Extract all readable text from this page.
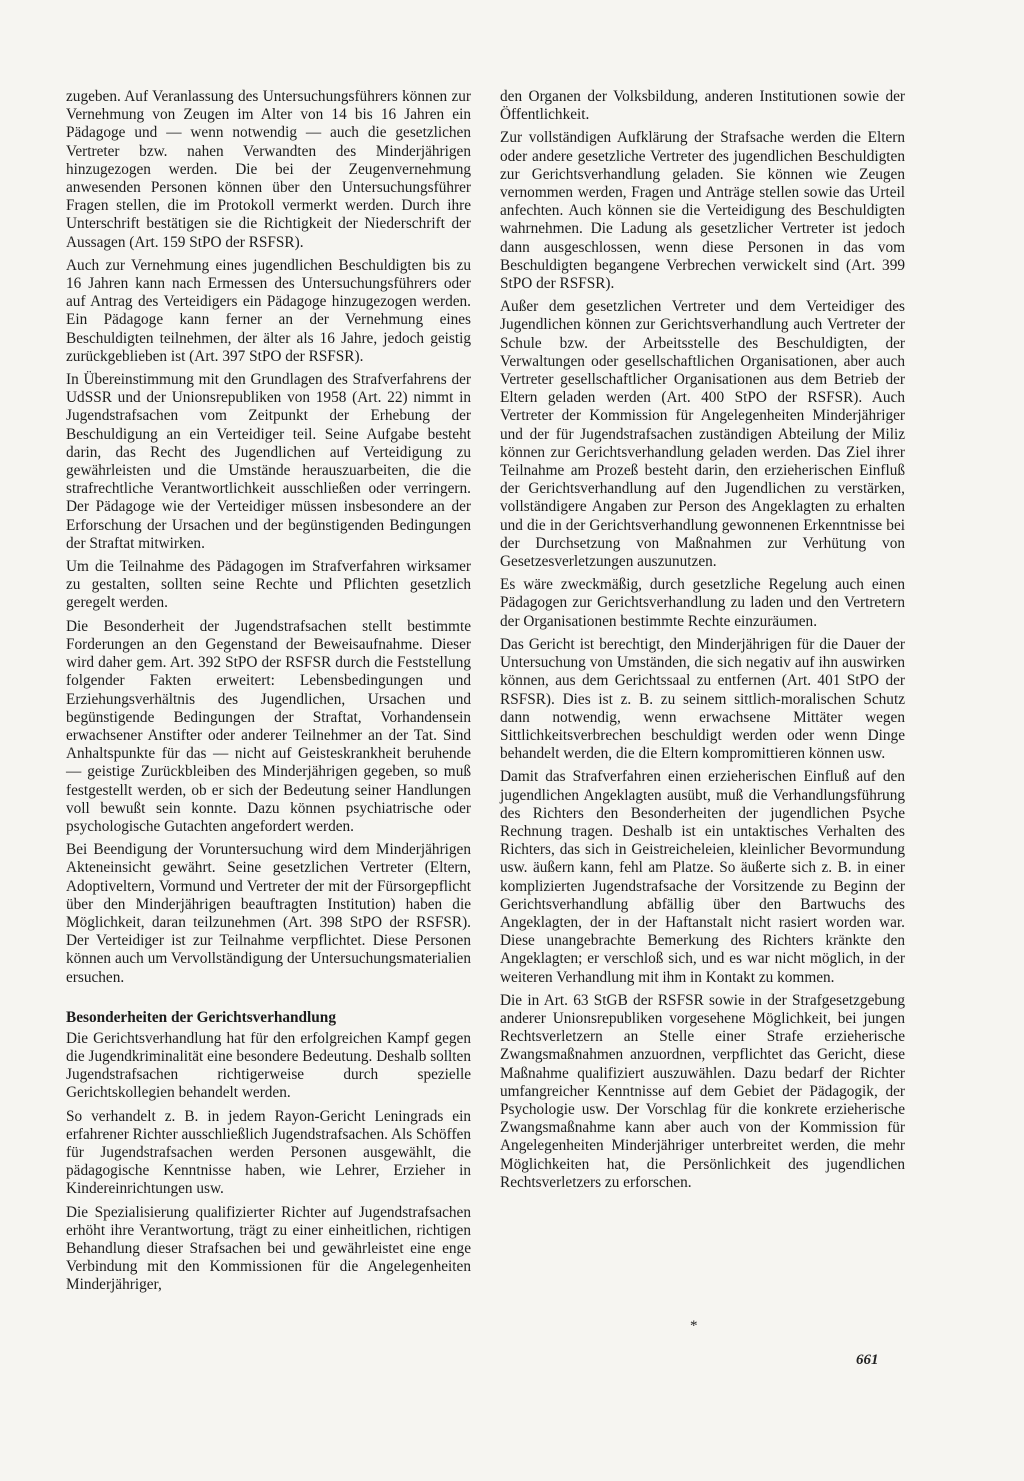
zugeben. Auf Veranlassung des Untersuchungsführers können zur Vernehmung von Zeugen im Alter von 14 bis 16 Jahren ein Pädagoge und — wenn notwendig — auch die gesetzlichen Vertreter bzw. nahen Verwandten des Minderjährigen hinzugezogen werden. Die bei der Zeugenvernehmung anwesenden Personen können über den Untersuchungsführer Fragen stellen, die im Protokoll vermerkt werden. Durch ihre Unterschrift bestätigen sie die Richtigkeit der Niederschrift der Aussagen (Art. 159 StPO der RSFSR).

Auch zur Vernehmung eines jugendlichen Beschuldigten bis zu 16 Jahren kann nach Ermessen des Untersuchungsführers oder auf Antrag des Verteidigers ein Pädagoge hinzugezogen werden. Ein Pädagoge kann ferner an der Vernehmung eines Beschuldigten teilnehmen, der älter als 16 Jahre, jedoch geistig zurückgeblieben ist (Art. 397 StPO der RSFSR).

In Übereinstimmung mit den Grundlagen des Strafverfahrens der UdSSR und der Unionsrepubliken von 1958 (Art. 22) nimmt in Jugendstrafsachen vom Zeitpunkt der Erhebung der Beschuldigung an ein Verteidiger teil. Seine Aufgabe besteht darin, das Recht des Jugendlichen auf Verteidigung zu gewährleisten und die Umstände herauszuarbeiten, die die strafrechtliche Verantwortlichkeit ausschließen oder verringern. Der Pädagoge wie der Verteidiger müssen insbesondere an der Erforschung der Ursachen und der begünstigenden Bedingungen der Straftat mitwirken.

Um die Teilnahme des Pädagogen im Strafverfahren wirksamer zu gestalten, sollten seine Rechte und Pflichten gesetzlich geregelt werden.

Die Besonderheit der Jugendstrafsachen stellt bestimmte Forderungen an den Gegenstand der Beweisaufnahme. Dieser wird daher gem. Art. 392 StPO der RSFSR durch die Feststellung folgender Fakten erweitert: Lebensbedingungen und Erziehungsverhältnis des Jugendlichen, Ursachen und begünstigende Bedingungen der Straftat, Vorhandensein erwachsener Anstifter oder anderer Teilnehmer an der Tat. Sind Anhaltspunkte für das — nicht auf Geisteskrankheit beruhende — geistige Zurückbleiben des Minderjährigen gegeben, so muß festgestellt werden, ob er sich der Bedeutung seiner Handlungen voll bewußt sein konnte. Dazu können psychiatrische oder psychologische Gutachten angefordert werden.

Bei Beendigung der Voruntersuchung wird dem Minderjährigen Akteneinsicht gewährt. Seine gesetzlichen Vertreter (Eltern, Adoptiveltern, Vormund und Vertreter der mit der Fürsorgepflicht über den Minderjährigen beauftragten Institution) haben die Möglichkeit, daran teilzunehmen (Art. 398 StPO der RSFSR). Der Verteidiger ist zur Teilnahme verpflichtet. Diese Personen können auch um Vervollständigung der Untersuchungsmaterialien ersuchen.

Besonderheiten der Gerichtsverhandlung

Die Gerichtsverhandlung hat für den erfolgreichen Kampf gegen die Jugendkriminalität eine besondere Bedeutung. Deshalb sollten Jugendstrafsachen richtigerweise durch spezielle Gerichtskollegien behandelt werden.

So verhandelt z. B. in jedem Rayon-Gericht Leningrads ein erfahrener Richter ausschließlich Jugendstrafsachen. Als Schöffen für Jugendstrafsachen werden Personen ausgewählt, die pädagogische Kenntnisse haben, wie Lehrer, Erzieher in Kindereinrichtungen usw.

Die Spezialisierung qualifizierter Richter auf Jugendstrafsachen erhöht ihre Verantwortung, trägt zu einer einheitlichen, richtigen Behandlung dieser Strafsachen bei und gewährleistet eine enge Verbindung mit den Kommissionen für die Angelegenheiten Minderjähriger,

den Organen der Volksbildung, anderen Institutionen sowie der Öffentlichkeit.

Zur vollständigen Aufklärung der Strafsache werden die Eltern oder andere gesetzliche Vertreter des jugendlichen Beschuldigten zur Gerichtsverhandlung geladen. Sie können wie Zeugen vernommen werden, Fragen und Anträge stellen sowie das Urteil anfechten. Auch können sie die Verteidigung des Beschuldigten wahrnehmen. Die Ladung als gesetzlicher Vertreter ist jedoch dann ausgeschlossen, wenn diese Personen in das vom Beschuldigten begangene Verbrechen verwickelt sind (Art. 399 StPO der RSFSR).

Außer dem gesetzlichen Vertreter und dem Verteidiger des Jugendlichen können zur Gerichtsverhandlung auch Vertreter der Schule bzw. der Arbeitsstelle des Beschuldigten, der Verwaltungen oder gesellschaftlichen Organisationen, aber auch Vertreter gesellschaftlicher Organisationen aus dem Betrieb der Eltern geladen werden (Art. 400 StPO der RSFSR). Auch Vertreter der Kommission für Angelegenheiten Minderjähriger und der für Jugendstrafsachen zuständigen Abteilung der Miliz können zur Gerichtsverhandlung geladen werden. Das Ziel ihrer Teilnahme am Prozeß besteht darin, den erzieherischen Einfluß der Gerichtsverhandlung auf den Jugendlichen zu verstärken, vollständigere Angaben zur Person des Angeklagten zu erhalten und die in der Gerichtsverhandlung gewonnenen Erkenntnisse bei der Durchsetzung von Maßnahmen zur Verhütung von Gesetzesverletzungen auszunutzen.

Es wäre zweckmäßig, durch gesetzliche Regelung auch einen Pädagogen zur Gerichtsverhandlung zu laden und den Vertretern der Organisationen bestimmte Rechte einzuräumen.

Das Gericht ist berechtigt, den Minderjährigen für die Dauer der Untersuchung von Umständen, die sich negativ auf ihn auswirken können, aus dem Gerichtssaal zu entfernen (Art. 401 StPO der RSFSR). Dies ist z. B. zu seinem sittlich-moralischen Schutz dann notwendig, wenn erwachsene Mittäter wegen Sittlichkeitsverbrechen beschuldigt werden oder wenn Dinge behandelt werden, die die Eltern kompromittieren können usw.

Damit das Strafverfahren einen erzieherischen Einfluß auf den jugendlichen Angeklagten ausübt, muß die Verhandlungsführung des Richters den Besonderheiten der jugendlichen Psyche Rechnung tragen. Deshalb ist ein untaktisches Verhalten des Richters, das sich in Geistreicheleien, kleinlicher Bevormundung usw. äußern kann, fehl am Platze. So äußerte sich z. B. in einer komplizierten Jugendstrafsache der Vorsitzende zu Beginn der Gerichtsverhandlung abfällig über den Bartwuchs des Angeklagten, der in der Haftanstalt nicht rasiert worden war. Diese unangebrachte Bemerkung des Richters kränkte den Angeklagten; er verschloß sich, und es war nicht möglich, in der weiteren Verhandlung mit ihm in Kontakt zu kommen.

Die in Art. 63 StGB der RSFSR sowie in der Strafgesetzgebung anderer Unionsrepubliken vorgesehene Möglichkeit, bei jungen Rechtsverletzern an Stelle einer Strafe erzieherische Zwangsmaßnahmen anzuordnen, verpflichtet das Gericht, diese Maßnahme qualifiziert auszuwählen. Dazu bedarf der Richter umfangreicher Kenntnisse auf dem Gebiet der Pädagogik, der Psychologie usw. Der Vorschlag für die konkrete erzieherische Zwangsmaßnahme kann aber auch von der Kommission für Angelegenheiten Minderjähriger unterbreitet werden, die mehr Möglichkeiten hat, die Persönlichkeit des jugendlichen Rechtsverletzers zu erforschen.

*
661
